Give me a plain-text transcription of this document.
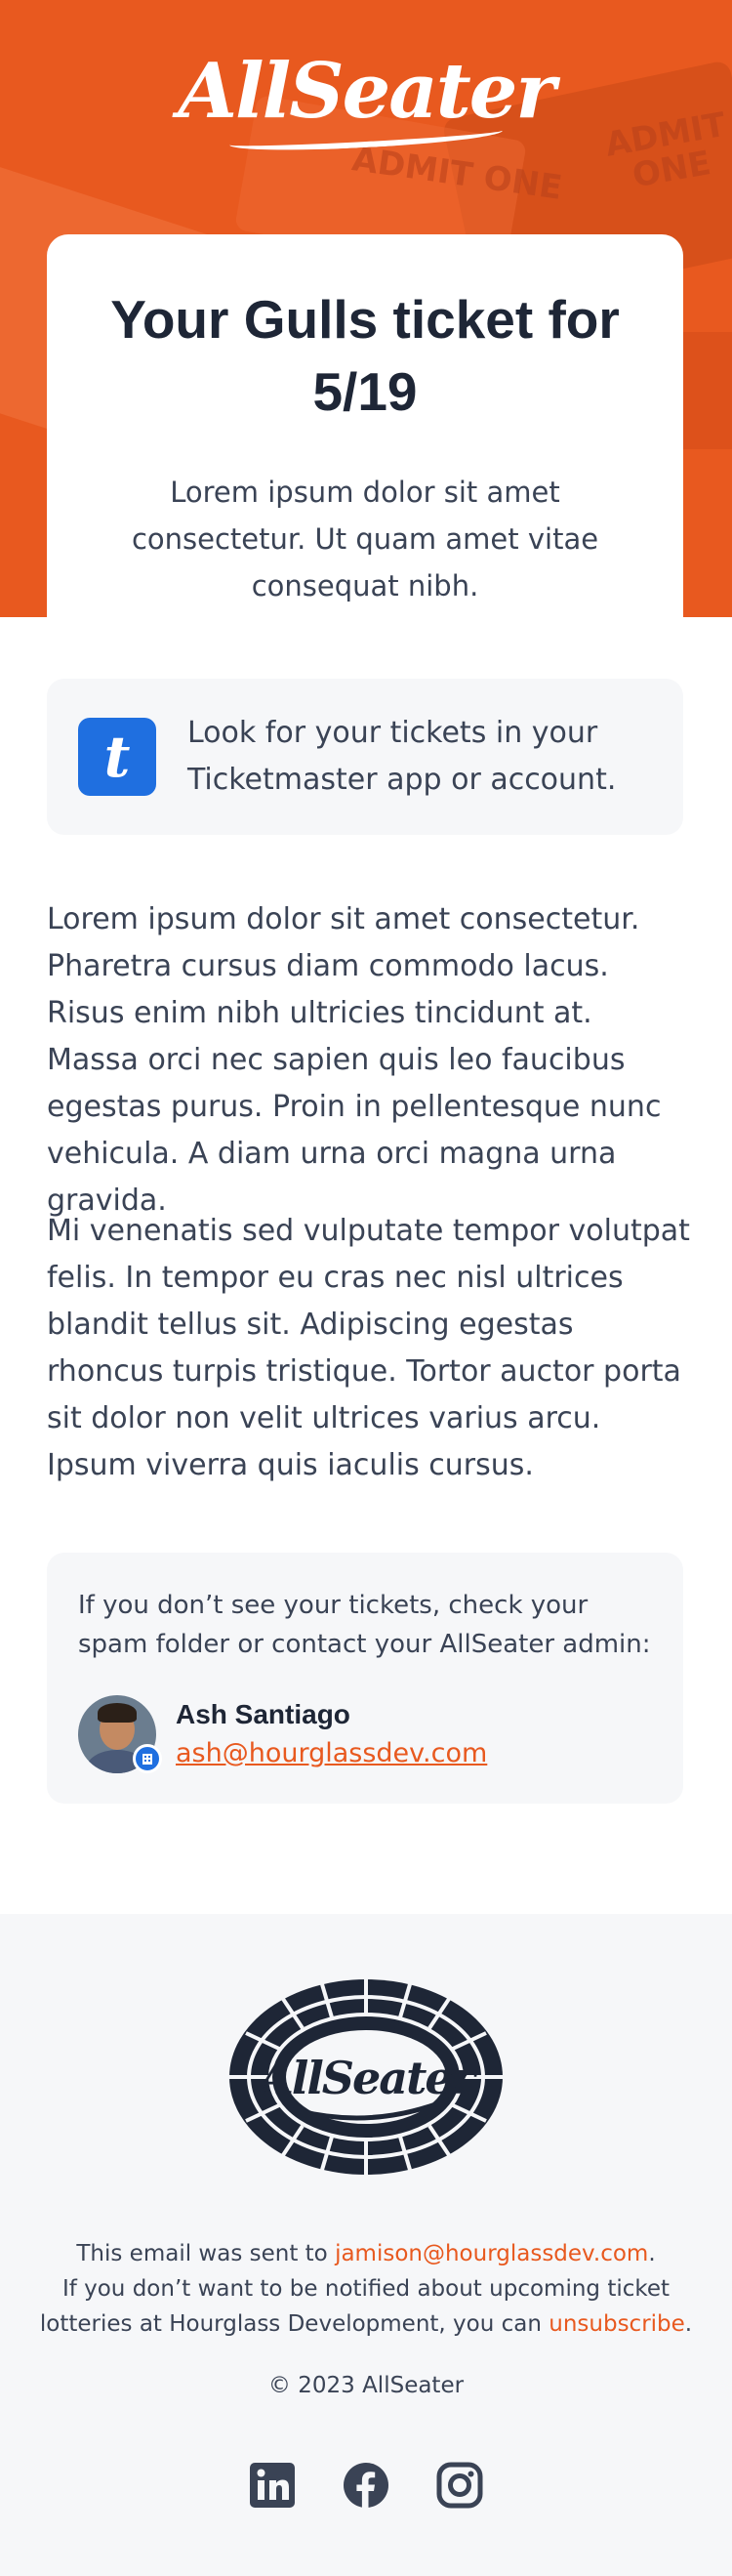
ADMIT ONE
ADMIT ONE
AllSeater
Your Gulls ticket for 5/19
Lorem ipsum dolor sit amet consectetur. Ut quam amet vitae consequat nibh.
t	Look for your tickets in your Ticketmaster app or account.

Lorem ipsum dolor sit amet consectetur. Pharetra cursus diam commodo lacus. Risus enim nibh ultricies tincidunt at. Massa orci nec sapien quis leo faucibus egestas purus. Proin in pellentesque nunc vehicula. A diam urna orci magna urna gravida.

Mi venenatis sed vulputate tempor volutpat felis. In tempor eu cras nec nisl ultrices blandit tellus sit. Adipiscing egestas rhoncus turpis tristique. Tortor auctor porta sit dolor non velit ultrices varius arcu. Ipsum viverra quis iaculis cursus.

If you don’t see your tickets, check your spam folder or contact your AllSeater admin:
Ash Santiago
ash@hourglassdev.com
AllSeater
This email was sent to jamison@hourglassdev.com.
If you don’t want to be notified about upcoming ticket
lotteries at Hourglass Development, you can unsubscribe.
© 2023 AllSeater
